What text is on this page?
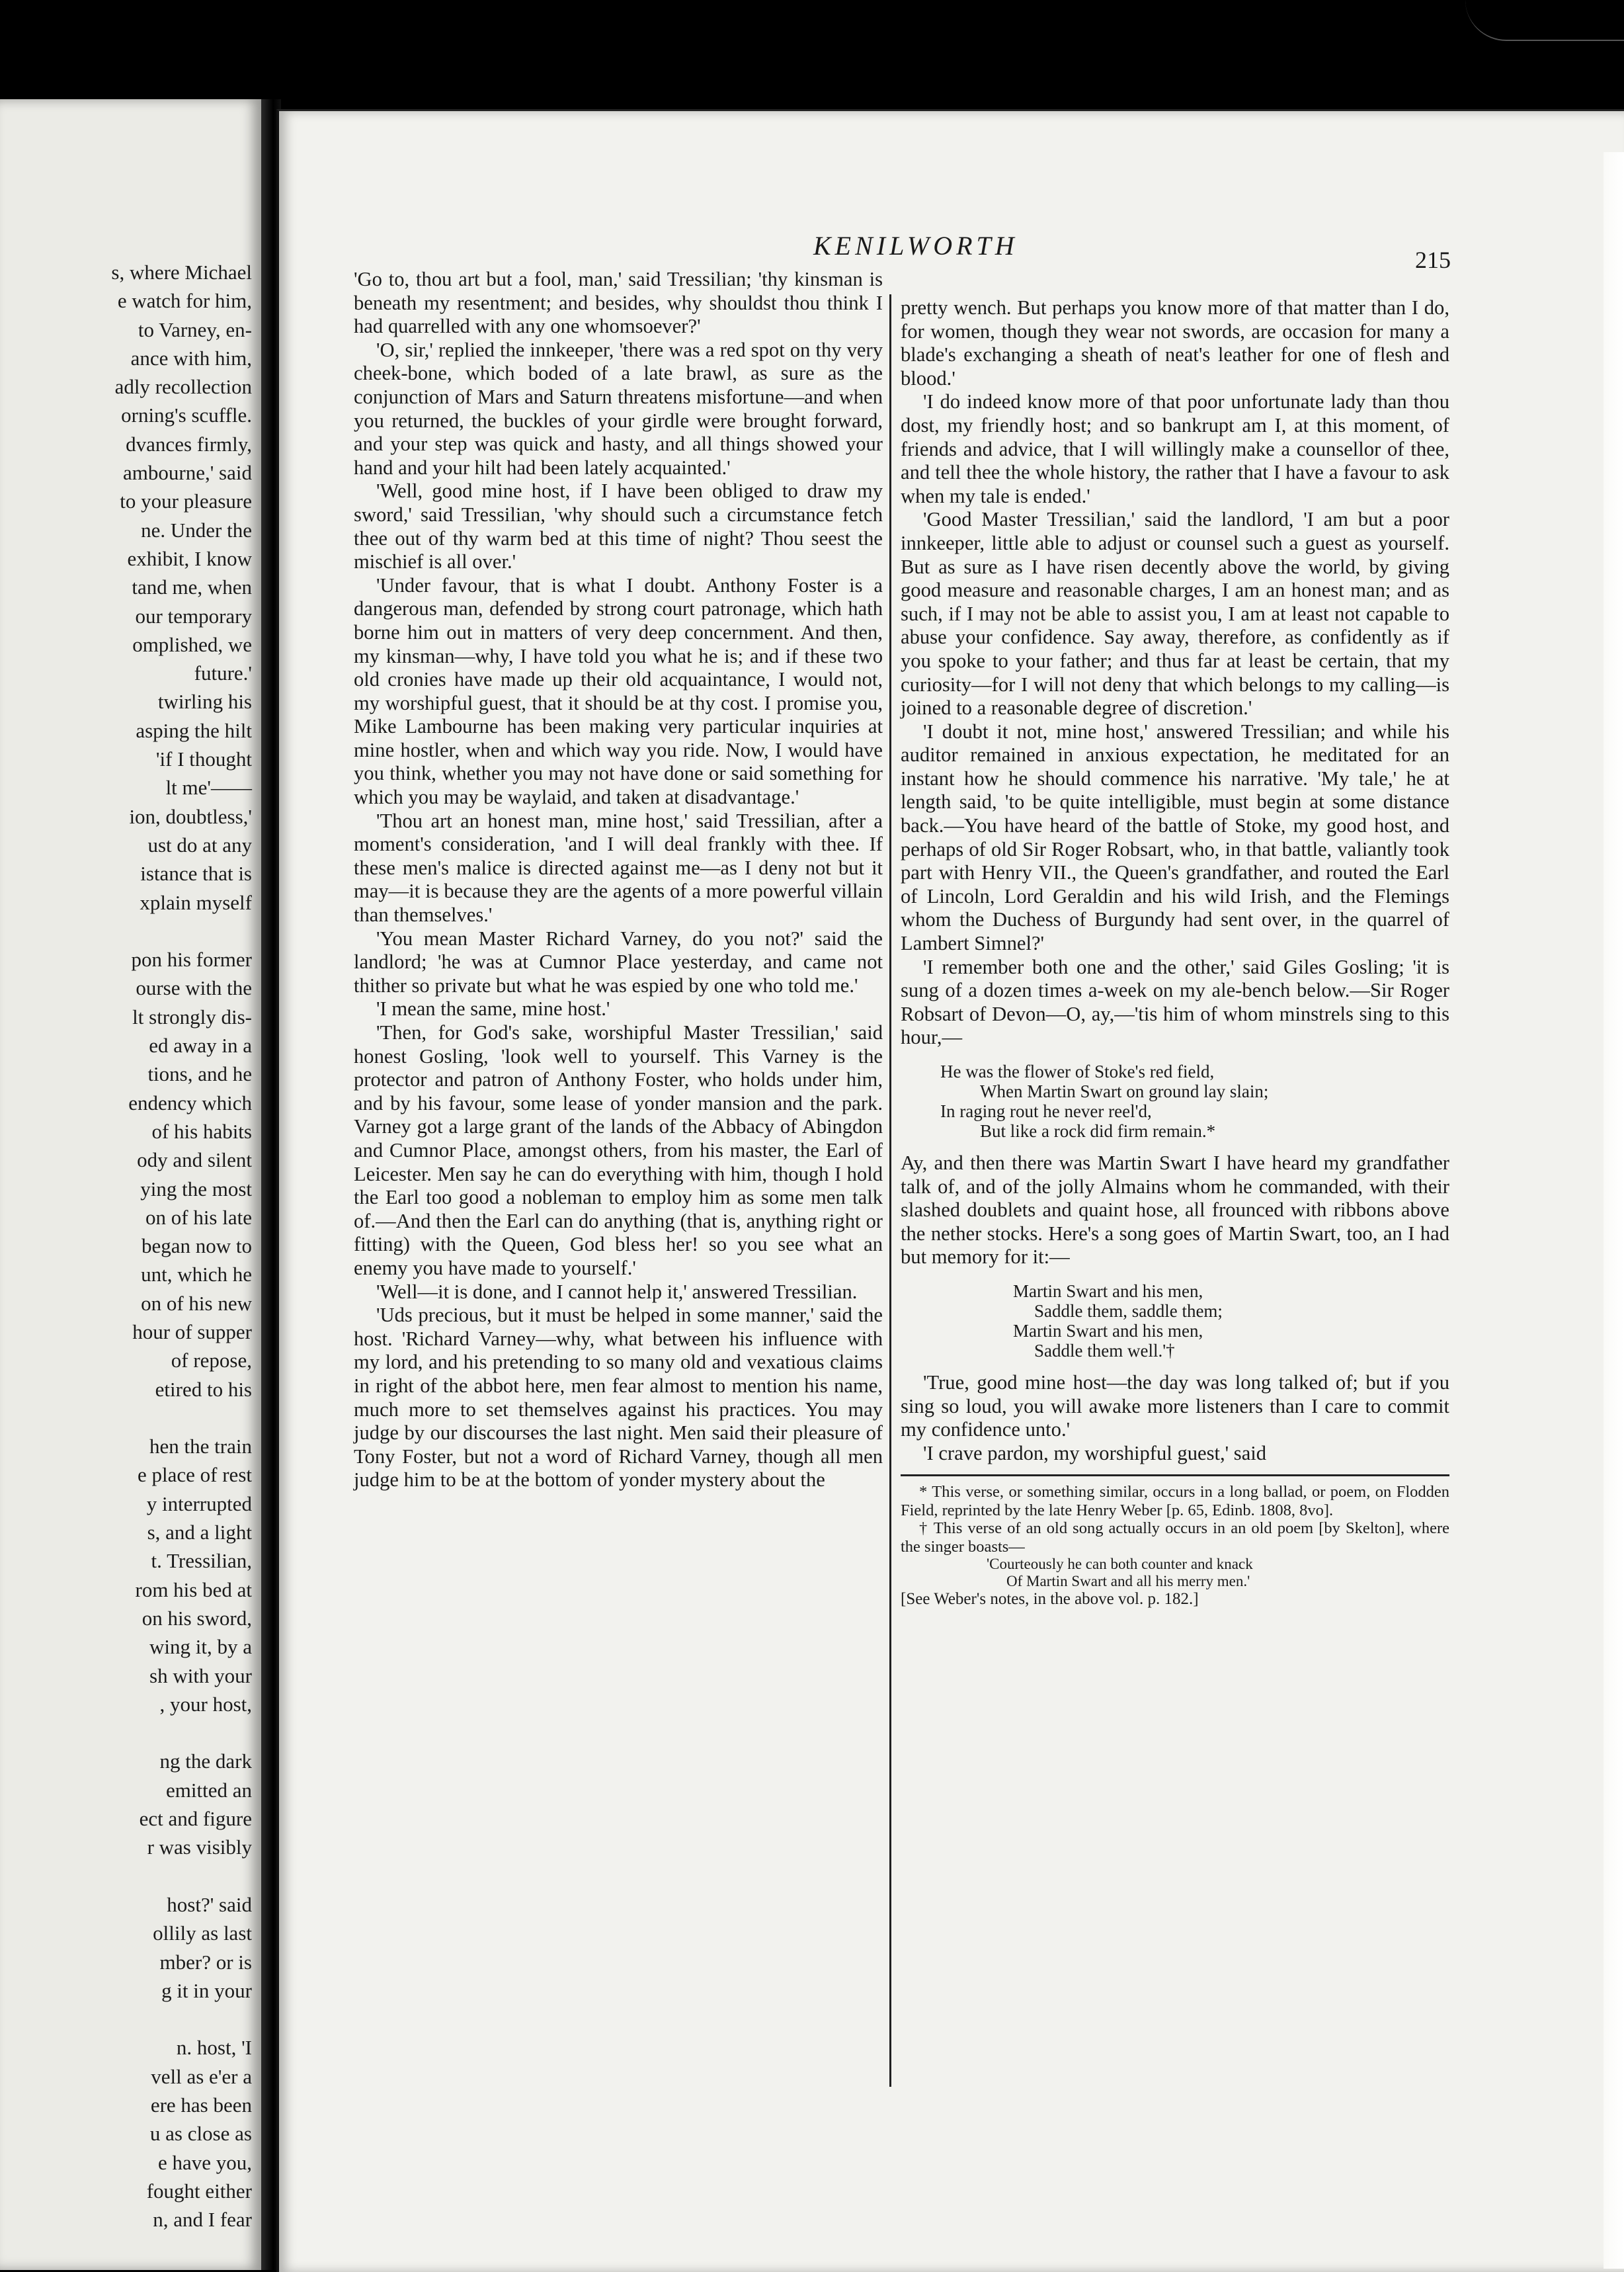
s, where Michael
e watch for him,
to Varney, en-
ance with him,
adly recollection
orning's scuffle.
dvances firmly,
ambourne,' said
to your pleasure
ne. Under the
exhibit, I know
tand me, when
our temporary
omplished, we
future.'
twirling his
asping the hilt
'if I thought
lt me'——
ion, doubtless,'
ust do at any
istance that is
xplain myself
pon his former
ourse with the
lt strongly dis-
ed away in a
tions, and he
endency which
of his habits
ody and silent
ying the most
on of his late
began now to
unt, which he
on of his new
hour of supper
of repose,
etired to his
hen the train
e place of rest
y interrupted
s, and a light
t. Tressilian,
rom his bed at
on his sword,
wing it, by a
sh with your
, your host,
ng the dark
emitted an
ect and figure
r was visibly
host?' said
ollily as last
mber? or is
g it in your
n. host, 'I
vell as e'er a
ere has been
u as close as
e have you,
fought either
n, and I fear
KENILWORTH	215

'Go to, thou art but a fool, man,' said Tressilian; 'thy kinsman is beneath my resentment; and besides, why shouldst thou think I had quarrelled with any one whomsoever?'

'O, sir,' replied the innkeeper, 'there was a red spot on thy very cheek-bone, which boded of a late brawl, as sure as the conjunction of Mars and Saturn threatens misfortune—and when you returned, the buckles of your girdle were brought forward, and your step was quick and hasty, and all things showed your hand and your hilt had been lately acquainted.'

'Well, good mine host, if I have been obliged to draw my sword,' said Tressilian, 'why should such a circumstance fetch thee out of thy warm bed at this time of night? Thou seest the mischief is all over.'

'Under favour, that is what I doubt. Anthony Foster is a dangerous man, defended by strong court patronage, which hath borne him out in matters of very deep concernment. And then, my kinsman—why, I have told you what he is; and if these two old cronies have made up their old acquaintance, I would not, my worshipful guest, that it should be at thy cost. I promise you, Mike Lambourne has been making very particular inquiries at mine hostler, when and which way you ride. Now, I would have you think, whether you may not have done or said something for which you may be waylaid, and taken at disadvantage.'

'Thou art an honest man, mine host,' said Tressilian, after a moment's consideration, 'and I will deal frankly with thee. If these men's malice is directed against me—as I deny not but it may—it is because they are the agents of a more powerful villain than themselves.'

'You mean Master Richard Varney, do you not?' said the landlord; 'he was at Cumnor Place yesterday, and came not thither so private but what he was espied by one who told me.'

'I mean the same, mine host.'

'Then, for God's sake, worshipful Master Tressilian,' said honest Gosling, 'look well to yourself. This Varney is the protector and patron of Anthony Foster, who holds under him, and by his favour, some lease of yonder mansion and the park. Varney got a large grant of the lands of the Abbacy of Abingdon and Cumnor Place, amongst others, from his master, the Earl of Leicester. Men say he can do everything with him, though I hold the Earl too good a nobleman to employ him as some men talk of.—And then the Earl can do anything (that is, anything right or fitting) with the Queen, God bless her! so you see what an enemy you have made to yourself.'

'Well—it is done, and I cannot help it,' answered Tressilian.

'Uds precious, but it must be helped in some manner,' said the host. 'Richard Varney—why, what between his influence with my lord, and his pretending to so many old and vexatious claims in right of the abbot here, men fear almost to mention his name, much more to set themselves against his practices. You may judge by our discourses the last night. Men said their pleasure of Tony Foster, but not a word of Richard Varney, though all men judge him to be at the bottom of yonder mystery about the

pretty wench. But perhaps you know more of that matter than I do, for women, though they wear not swords, are occasion for many a blade's exchanging a sheath of neat's leather for one of flesh and blood.'

'I do indeed know more of that poor unfortunate lady than thou dost, my friendly host; and so bankrupt am I, at this moment, of friends and advice, that I will willingly make a counsellor of thee, and tell thee the whole history, the rather that I have a favour to ask when my tale is ended.'

'Good Master Tressilian,' said the landlord, 'I am but a poor innkeeper, little able to adjust or counsel such a guest as yourself. But as sure as I have risen decently above the world, by giving good measure and reasonable charges, I am an honest man; and as such, if I may not be able to assist you, I am at least not capable to abuse your confidence. Say away, therefore, as confidently as if you spoke to your father; and thus far at least be certain, that my curiosity—for I will not deny that which belongs to my calling—is joined to a reasonable degree of discretion.'

'I doubt it not, mine host,' answered Tressilian; and while his auditor remained in anxious expectation, he meditated for an instant how he should commence his narrative. 'My tale,' he at length said, 'to be quite intelligible, must begin at some distance back.—You have heard of the battle of Stoke, my good host, and perhaps of old Sir Roger Robsart, who, in that battle, valiantly took part with Henry VII., the Queen's grandfather, and routed the Earl of Lincoln, Lord Geraldin and his wild Irish, and the Flemings whom the Duchess of Burgundy had sent over, in the quarrel of Lambert Simnel?'

'I remember both one and the other,' said Giles Gosling; 'it is sung of a dozen times a-week on my ale-bench below.—Sir Roger Robsart of Devon—O, ay,—'tis him of whom minstrels sing to this hour,—

He was the flower of Stoke's red field,
When Martin Swart on ground lay slain;
In raging rout he never reel'd,
But like a rock did firm remain.*

Ay, and then there was Martin Swart I have heard my grandfather talk of, and of the jolly Almains whom he commanded, with their slashed doublets and quaint hose, all frounced with ribbons above the nether stocks. Here's a song goes of Martin Swart, too, an I had but memory for it:—

Martin Swart and his men,
Saddle them, saddle them;
Martin Swart and his men,
Saddle them well.'†

'True, good mine host—the day was long talked of; but if you sing so loud, you will awake more listeners than I care to commit my confidence unto.'

'I crave pardon, my worshipful guest,' said

* This verse, or something similar, occurs in a long ballad, or poem, on Flodden Field, reprinted by the late Henry Weber [p. 65, Edinb. 1808, 8vo].

† This verse of an old song actually occurs in an old poem [by Skelton], where the singer boasts—

'Courteously he can both counter and knack

Of Martin Swart and all his merry men.'

[See Weber's notes, in the above vol. p. 182.]
